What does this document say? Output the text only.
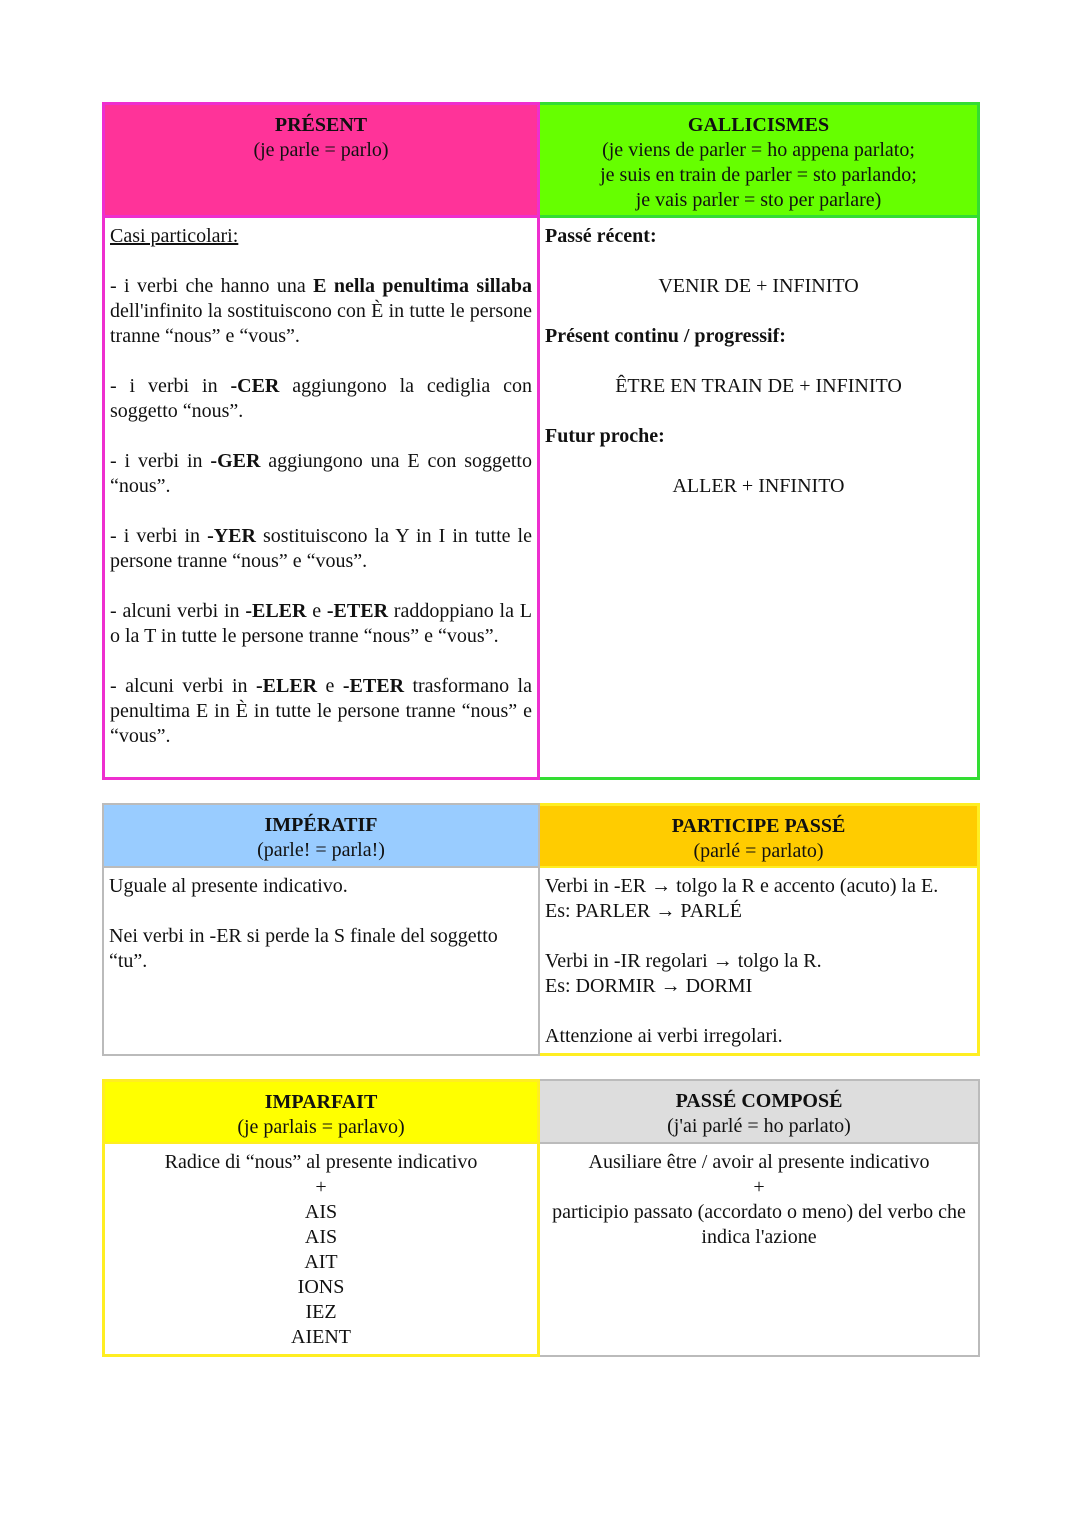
PRÉSENT
(je parle = parlo)

Casi particolari:

- i verbi che hanno una E nella penultima sillaba dell'infinito la sostituiscono con È in tutte le persone tranne “nous” e “vous”.

- i verbi in -CER aggiungono la cediglia con soggetto “nous”.

- i verbi in -GER aggiungono una E con soggetto “nous”.

- i verbi in -YER sostituiscono la Y in I in tutte le persone tranne “nous” e “vous”.

- alcuni verbi in -ELER e -ETER raddoppiano la L o la T in tutte le persone tranne “nous” e “vous”.

- alcuni verbi in -ELER e -ETER trasformano la penultima E in È in tutte le persone tranne “nous” e “vous”.

GALLICISMES
(je viens de parler = ho appena parlato;
je suis en train de parler = sto parlando;
je vais parler = sto per parlare)

Passé récent:

VENIR DE + INFINITO

Présent continu / progressif:

ÊTRE EN TRAIN DE + INFINITO

Futur proche:

ALLER + INFINITO

IMPÉRATIF
(parle! = parla!)

Uguale al presente indicativo.

Nei verbi in -ER si perde la S finale del soggetto “tu”.

PARTICIPE PASSÉ
(parlé = parlato)

Verbi in -ER → tolgo la R e accento (acuto) la E.

Es: PARLER → PARLÉ

Verbi in -IR regolari → tolgo la R.

Es: DORMIR → DORMI

Attenzione ai verbi irregolari.

IMPARFAIT
(je parlais = parlavo)

Radice di “nous” al presente indicativo

+

AIS

AIS

AIT

IONS

IEZ

AIENT

PASSÉ COMPOSÉ
(j'ai parlé = ho parlato)

Ausiliare être / avoir al presente indicativo

+

participio passato (accordato o meno) del verbo che indica l'azione
